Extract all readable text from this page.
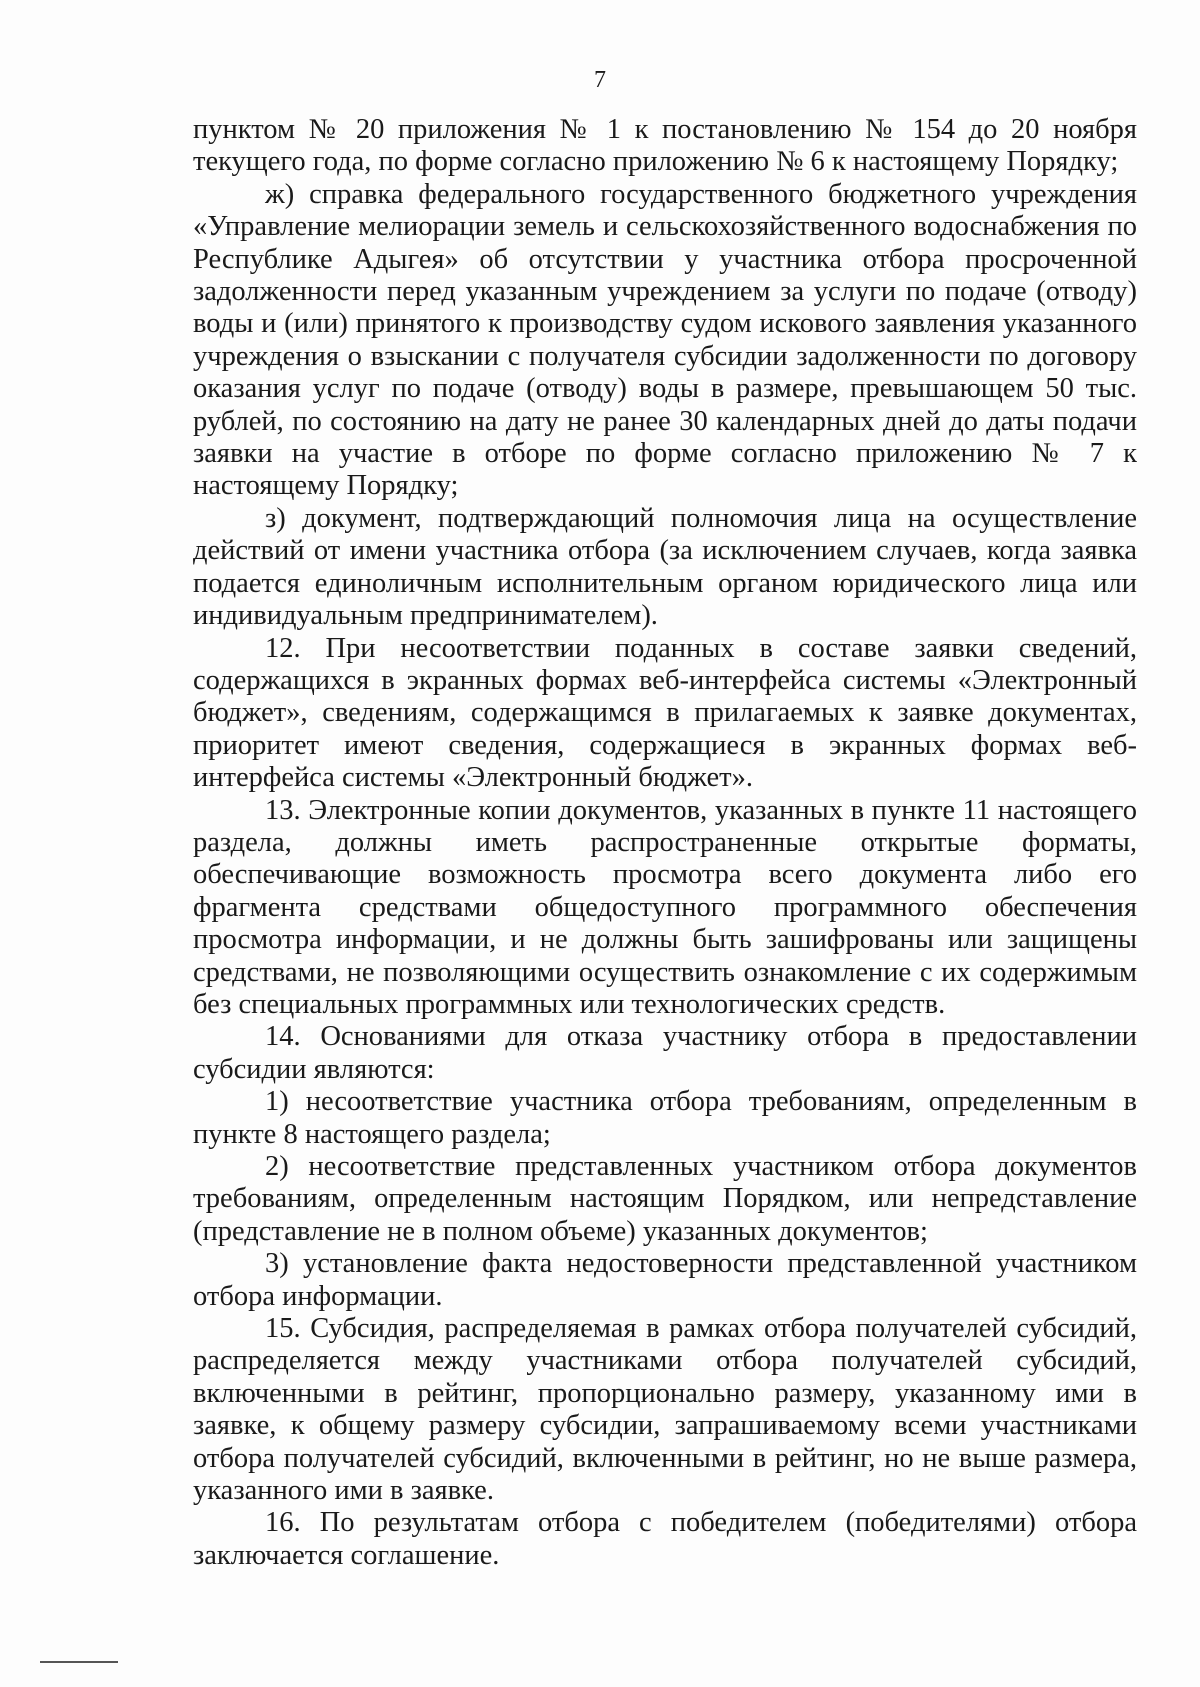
7

пунктом № 20 приложения № 1 к постановлению № 154 до 20 ноября текущего года, по форме согласно приложению № 6 к настоящему Порядку;

ж) справка федерального государственного бюджетного учреждения «Управление мелиорации земель и сельскохозяйственного водоснабжения по Республике Адыгея» об отсутствии у участника отбора просроченной задолженности перед указанным учреждением за услуги по подаче (отводу) воды и (или) принятого к производству судом искового заявления указанного учреждения о взыскании с получателя субсидии задолженности по договору оказания услуг по подаче (отводу) воды в размере, превышающем 50 тыс. рублей, по состоянию на дату не ранее 30 календарных дней до даты подачи заявки на участие в отборе по форме согласно приложению № 7 к настоящему Порядку;

з) документ, подтверждающий полномочия лица на осуществление действий от имени участника отбора (за исключением случаев, когда заявка подается единоличным исполнительным органом юридического лица или индивидуальным предпринимателем).

12. При несоответствии поданных в составе заявки сведений, содержащихся в экранных формах веб-интерфейса системы «Электронный бюджет», сведениям, содержащимся в прилагаемых к заявке документах, приоритет имеют сведения, содержащиеся в экранных формах веб-интерфейса системы «Электронный бюджет».

13. Электронные копии документов, указанных в пункте 11 настоящего раздела, должны иметь распространенные открытые форматы, обеспечивающие возможность просмотра всего документа либо его фрагмента средствами общедоступного программного обеспечения просмотра информации, и не должны быть зашифрованы или защищены средствами, не позволяющими осуществить ознакомление с их содержимым без специальных программных или технологических средств.

14. Основаниями для отказа участнику отбора в предоставлении субсидии являются:

1) несоответствие участника отбора требованиям, определенным в пункте 8 настоящего раздела;

2) несоответствие представленных участником отбора документов требованиям, определенным настоящим Порядком, или непредставление (представление не в полном объеме) указанных документов;

3) установление факта недостоверности представленной участником отбора информации.

15. Субсидия, распределяемая в рамках отбора получателей субсидий, распределяется между участниками отбора получателей субсидий, включенными в рейтинг, пропорционально размеру, указанному ими в заявке, к общему размеру субсидии, запрашиваемому всеми участниками отбора получателей субсидий, включенными в рейтинг, но не выше размера, указанного ими в заявке.

16. По результатам отбора с победителем (победителями) отбора заключается соглашение.
